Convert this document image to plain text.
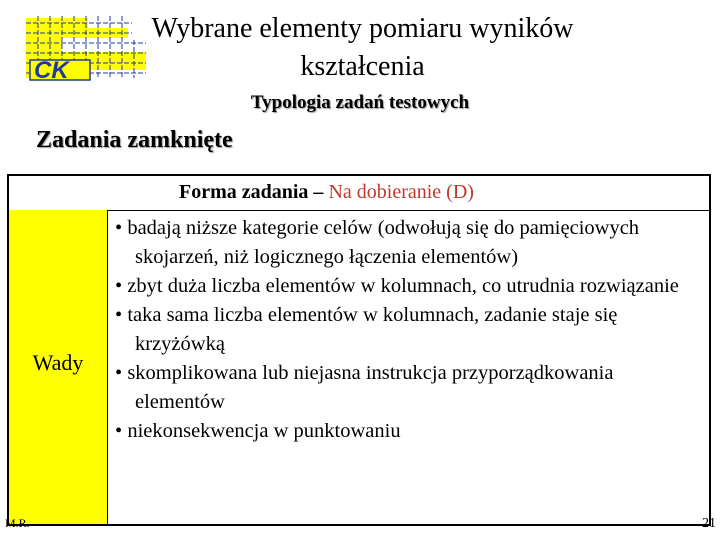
CK
Wybrane elementy pomiaru wyników kształcenia
Typologia zadań testowych
Zadania zamknięte
Forma zadania – Na dobieranie (D)
Wady
• badają niższe kategorie celów (odwołują się do pamięciowych skojarzeń, niż logicznego łączenia elementów)
• zbyt duża liczba elementów w kolumnach, co utrudnia rozwiązanie
• taka sama liczba elementów w kolumnach, zadanie staje się krzyżówką
• skomplikowana lub niejasna instrukcja przyporządkowania elementów
• niekonsekwencja w punktowaniu
M.R.	21
